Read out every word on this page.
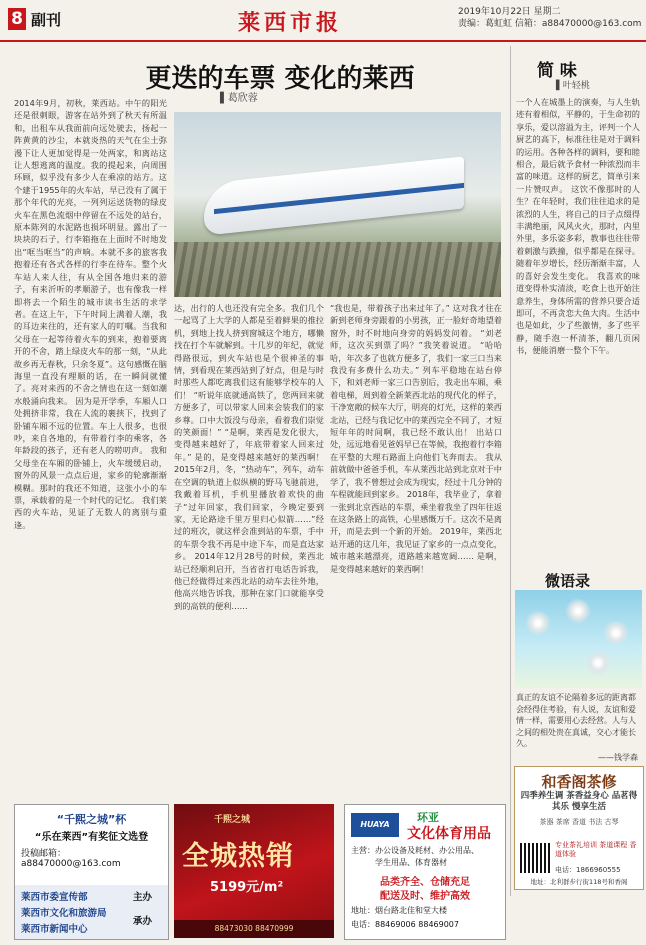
8 副刊	莱西市报	2019年10月22日 星期二
责编：葛虹虹 信箱：a88470000@163.com
更迭的车票 变化的莱西
▌葛欣蓉
2014年9月，初秋，莱西站。中午的阳光还是很刺眼，游客在站外到了秋天有所温和，出租车从我面前向远处驶去，扬起一阵黄黄的沙尘，本就炎热的天气在尘土弥漫下让人更加觉得是一处两家，和离站这让人想逃离的温度。我的提起来，向周围环顾，似乎没有多少人在乘凉的站方。这个建于1955年的火车站，早已没有了属于那个年代的光亮，一列列运送货物的绿皮火车在黑色流烟中停留在不远处的站台，原本陈列的水泥路也损坏明显。露出了一块块的石子，行李箱拖在上面时不时地发出“哐当哐当”的声响。本就不多的旅客我抱着还有各式各样的行李在待车。整个火车站人来人往，有从全国各地归来的游子，有来沂听的孝顺游子，也有像我一样即将去一个陌生的城市读书生活的求学者。在这上午，下午时间上满着人潮，我的耳边来往的，还有家人的叮嘱。当我和父母在一起等待着火车的到来，抱着要离开的不舍，踏上绿皮火车的那一刻，“从此故乡再无春秋，只余冬夏”。这句感慨在脑海里一直没有理顺的话，在一瞬间就懂了。亮对来西的不舍之情也在这一刻如潮水般涌向我来。 因为是开学季，车厢人口处拥挤非常，我在人流的裹挟下，找到了卧铺车厢不远的位置。车上人很多，也很吵，来自各地的，有带着行李的乘客，各年龄段的孩子，还有老人的唠叨声。 我和父母坐在车厢的卧铺上，火车缓缓启动，窗外的风景一点点后退，家乡的轮廓渐渐模糊。那时的我还不知道，这张小小的车票，承载着的是一个时代的记忆。 我们莱西的火车站，见证了无数人的离别与重逢。
达，出行的人也还没有完全多。我们几个一起骂了上大学的人都是至着鲜果的推拉机，到地上找人挤到窗城这个地方，哪懒找在打个车就解到。十几岁的年纪，就觉得路很远，到火车站也是个很神圣的事情，到看现在莱西站到了好点，但是与时时那些人都吃离我们这有能够学校车的人们！ “听说年底就通高铁了，您两回来就方便多了，可以带家人回来会装我们的家乡尊。口中大饭没与母亲，看着我们崇觉的笑颜面！” “是啊，莱西是发化很大，变得越来越好了，年底带着家人回来过年。” 是的，是变得越来越好的莱西啊！ 2015年2月，冬，“热动车”，列车，动车在空调的轨道上似纵横的野马飞驰前进，我戴着耳机，手机里播放着欢快的曲子“过年回家，我们回家，今晚定要到家，无论路途千里万里归心似箭……”经过的班次，就这样会准到站的车票，手中的车票令我不再是中途下车，而是直达家乡。 2014年12月28号的时候，莱西北站已经顺利启开，当省省打电话告诉我，他已经做得过来西北站的动车去往外地，他高兴地告诉我，那种在家门口就能享受到的高铁的便利……
“我也是，带着孩子出来过年了。” 这对我才往在新到老师身旁跟着的小男孩，正一脸好奇地望着窗外，时不时地向身旁的妈妈发问着。 “刘老师，这次买到票了吗？”我笑着说道。 “哈哈哈，年次多了也就方便多了，我们一家三口当来我没有多费什么功夫。” 列车平稳地在站台停下，和刘老师一家三口告别后，我走出车厢，乘着电梯，周到着全新莱西北站的现代化的样子，干净宽敞的候车大厅，明亮的灯光，这样的莱西北站，已经与我记忆中的莱西完全不同了，才短短年年的时间啊，我已经不敢认出！ 出站口处，远远地看见爸妈早已在等候，我抱着行李箱在平整的大理石路面上向他们飞奔而去。 我从前就做中爸爸手机，车从莱西北站到北京对于中学了，我不曾想过会成为现实，经过十几分钟的车程就能回到家乡。 2018年，我毕业了，拿着一张到北京西站的车票，乘坐着我坐了四年往返在这条路上的高铁，心里感慨万千。这次不是离开，而是去到一个新的开始。 2019年，莱西北站开通的这几年，我见证了家乡的一点点变化，城市越来越漂亮，道路越来越宽阔…… 是啊，是变得越来越好的莱西啊！
简 味
▌叶轻桃
一个人在城墨上的演奏，与人生轨迹有着相似，平静的，于生命初的享乐，爱以溶溢为主，评判一个人厨艺的高下，标准往往是对于调料的运用。各种各样的调料，要和睦相合，最后就予食材一种浓烈而丰富的味道。这样的厨艺，简单引来一片赞叹声。 这饮不像那时的人生？在年轻时，我们往往追求的是浓烈的人生，将自己的日子点缀得丰满绝丽，风风火火，那时，内里外里，多乐姿多彩，教事也往往带着刺激与跌撞，似乎都是在探寻。 随着年岁增长，经历渐渐丰富，人的喜好会发生变化。 我喜欢的味道变得朴实清淡，吃食上也开始注意养生，身体所需的营养只要合适即可，不再贪恋大鱼大肉。生活中也是如此，少了些激情，多了些平静，随手泡一杯清茶，翻几页闲书，便能消磨一整个下午。
微语录
真正的友谊不论隔着多远的距离都会经得住考验，有人说，友谊和爱情一样，需要用心去经营。人与人之间的相处贵在真诚，交心才能长久。
——钱学森
和香阁茶修
四季养生调 茶香益身心 品茗得其乐 慢享生活
茶器 茶席 香道 书法 古琴
专业茶礼培训 茶道课程 香道体验
电话：1866960555
地址：北利群步行街118号和香阁
“千熙之城”杯
“乐在莱西”有奖征文选登
投稿邮箱：a88470000@163.com
莱西市委宣传部	主办
莱西市文化和旅游局
承办
莱西市新闻中心
千熙之城
全城热销
5199元/m²
88473030 88470999
HUAYA
环亚
文化体育用品
主营：办公设备及耗材、办公用品、
学生用品、体育器材
品类齐全、仓储充足
配送及时、维护高效
地址：烟台路北佳和堂大楼
电话：88469006 88469007
